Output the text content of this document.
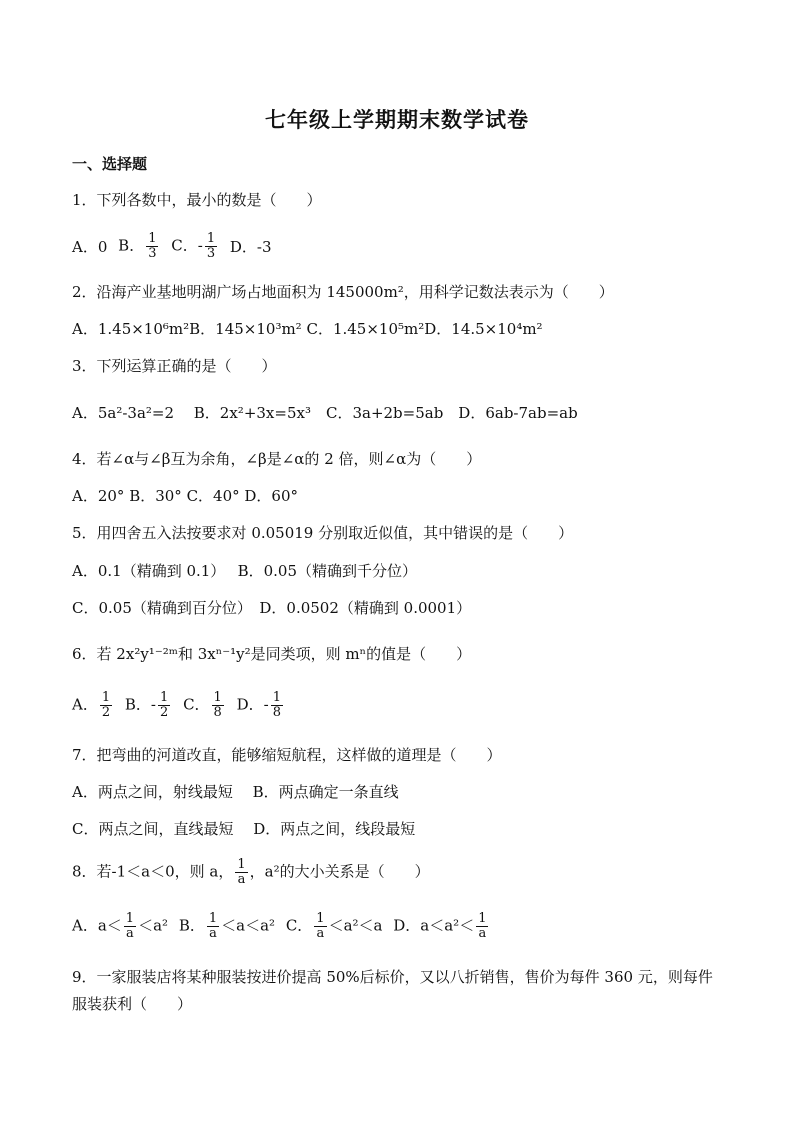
七年级上学期期末数学试卷
一、选择题
1．下列各数中，最小的数是（　　）
A．0 B． $\frac{1}{3}$ C．- $\frac{1}{3}$ D．-3
2．沿海产业基地明湖广场占地面积为 145000m²，用科学记数法表示为（　　）
A．1.45×10⁶m²B．145×10³m² C．1.45×10⁵m²D．14.5×10⁴m²
3．下列运算正确的是（　　）
A．5a²-3a²=2　 B．2x²+3x=5x³　C．3a+2b=5ab　D．6ab-7ab=ab
4．若∠α与∠β互为余角，∠β是∠α的 2 倍，则∠α为（　　）
A．20° B．30° C．40° D．60°
5．用四舍五入法按要求对 0.05019 分别取近似值，其中错误的是（　　）
A．0.1（精确到 0.1）　 B．0.05（精确到千分位）
C．0.05（精确到百分位）　D．0.0502（精确到 0.0001）
6．若 2x²y¹⁻²ᵐ和 3xⁿ⁻¹y²是同类项，则 mⁿ的值是（　　）
A． $\frac{1}{2}$ B．- $\frac{1}{2}$ C． $\frac{1}{8}$ D．- $\frac{1}{8}$
7．把弯曲的河道改直，能够缩短航程，这样做的道理是（　　）
A．两点之间，射线最短　 B．两点确定一条直线
C．两点之间，直线最短　 D．两点之间，线段最短
8．若-1＜a＜0，则 a， $\frac{1}{a}$ ，a²的大小关系是（　　）
A．$a< \frac{1}{a} <a^2$ B． $\frac{1}{a} <a<a^2$ C． $\frac{1}{a} <a^2<a$ D．$a<a^2< \frac{1}{a}$
9．一家服装店将某种服装按进价提高 50%后标价，又以八折销售，售价为每件 360 元，则每件服装获利（　　）
